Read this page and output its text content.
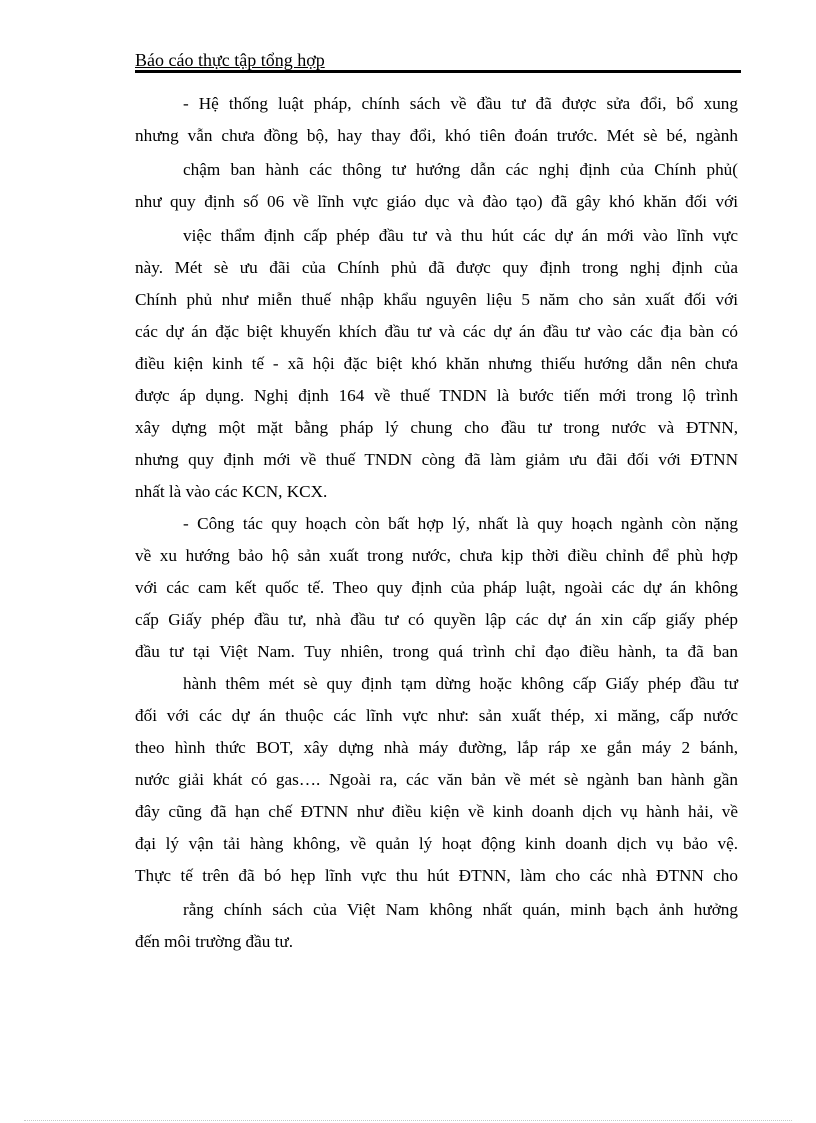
Báo cáo thực tập tổng hợp
- Hệ thống luật pháp, chính sách về đầu tư đã được sửa đổi, bổ xung
nhưng vẫn chưa đồng bộ, hay thay đổi, khó tiên đoán trước. Mét sè bé, ngành
chậm ban hành các thông tư hướng dẫn các nghị định của Chính phủ(
như quy định số 06 về lĩnh vực giáo dục và đào tạo) đã gây khó khăn đối với
việc thẩm định cấp phép đầu tư và thu hút các dự án mới vào lĩnh vực
này. Mét sè ưu đãi của Chính phủ đã được quy định trong nghị định của
Chính phủ như miễn thuế nhập khẩu nguyên liệu 5 năm cho sản xuất đối với
các dự án đặc biệt khuyến khích đầu tư và các dự án đầu tư vào các địa bàn có
điều kiện kinh tế - xã hội đặc biệt khó khăn nhưng thiếu hướng dẫn nên chưa
được áp dụng. Nghị định 164 về thuế TNDN là bước tiến mới trong lộ trình
xây dựng một mặt bằng pháp lý chung cho đầu tư trong nước và ĐTNN,
nhưng quy định mới về thuế TNDN còng đã làm giảm ưu đãi đối với ĐTNN
nhất là vào các KCN, KCX.
- Công tác quy hoạch còn bất hợp lý, nhất là quy hoạch ngành còn nặng
về xu hướng bảo hộ sản xuất trong nước, chưa kịp thời điều chỉnh để phù hợp
với các cam kết quốc tế. Theo quy định của pháp luật, ngoài các dự án không
cấp Giấy phép đầu tư, nhà đầu tư có quyền lập các dự án xin cấp giấy phép
đầu tư tại Việt Nam. Tuy nhiên, trong quá trình chỉ đạo điều hành, ta đã ban
hành thêm mét sè quy định tạm dừng hoặc không cấp Giấy phép đầu tư
đối với các dự án thuộc các lĩnh vực như: sản xuất thép, xi măng, cấp nước
theo hình thức BOT, xây dựng nhà máy đường, lắp ráp xe gắn máy 2 bánh,
nước giải khát có gas…. Ngoài ra, các văn bản về mét sè ngành ban hành gần
đây cũng đã hạn chế ĐTNN như điều kiện về kinh doanh dịch vụ hành hải, về
đại lý vận tải hàng không, về quản lý hoạt động kinh doanh dịch vụ bảo vệ.
Thực tế trên đã bó hẹp lĩnh vực thu hút ĐTNN, làm cho các nhà ĐTNN cho
rằng chính sách của Việt Nam không nhất quán, minh bạch ảnh hưởng
đến môi trường đầu tư.
